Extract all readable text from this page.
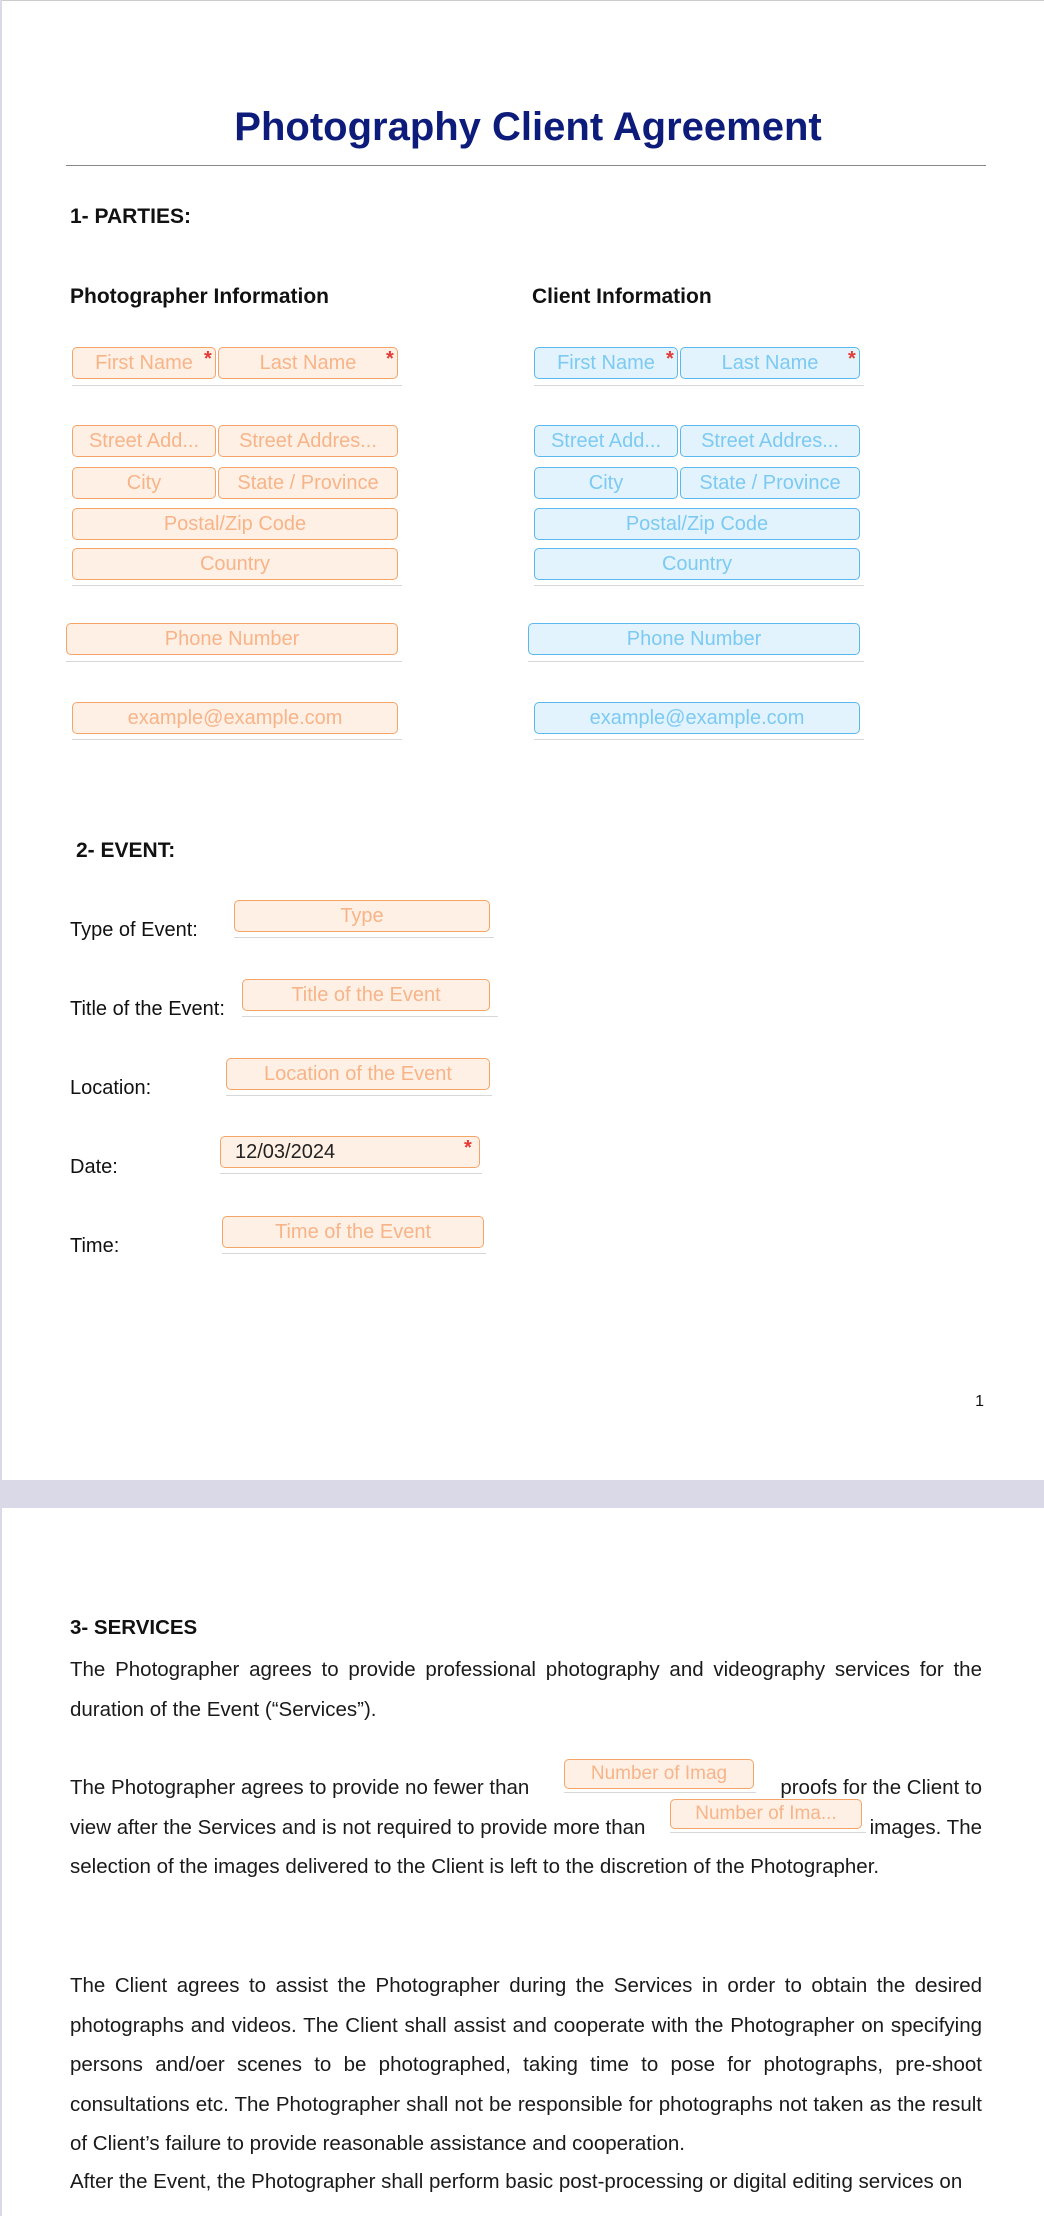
Photography Client Agreement
1- PARTIES:
Photographer Information
First Name *	Last Name	*
Street Add...	Street Addres...
City	State / Province
Postal/Zip Code
Country
Phone Number
example@example.com
Client Information
First Name *	Last Name	*
Street Add...	Street Addres...
City	State / Province
Postal/Zip Code
Country
Phone Number
example@example.com
2- EVENT:
Type of Event:
Type
Title of the Event:
Title of the Event
Location:
Location of the Event
Date:
12/03/2024	*
Time:
Time of the Event
1
3- SERVICES
The Photographer agrees to provide professional photography and videography services for the duration of the Event (“Services”).
The Photographer agrees to provide no fewer than	proofs for the Client to
view after the Services and is not required to provide more than	images. The
selection of the images delivered to the Client is left to the discretion of the Photographer.
Number of Imag
Number of Ima...
The Client agrees to assist the Photographer during the Services in order to obtain the desired photographs and videos. The Client shall assist and cooperate with the Photographer on specifying persons and/oer scenes to be photographed, taking time to pose for photographs, pre-shoot consultations etc. The Photographer shall not be responsible for photographs not taken as the result of Client’s failure to provide reasonable assistance and cooperation.
After the Event, the Photographer shall perform basic post-processing or digital editing services on
